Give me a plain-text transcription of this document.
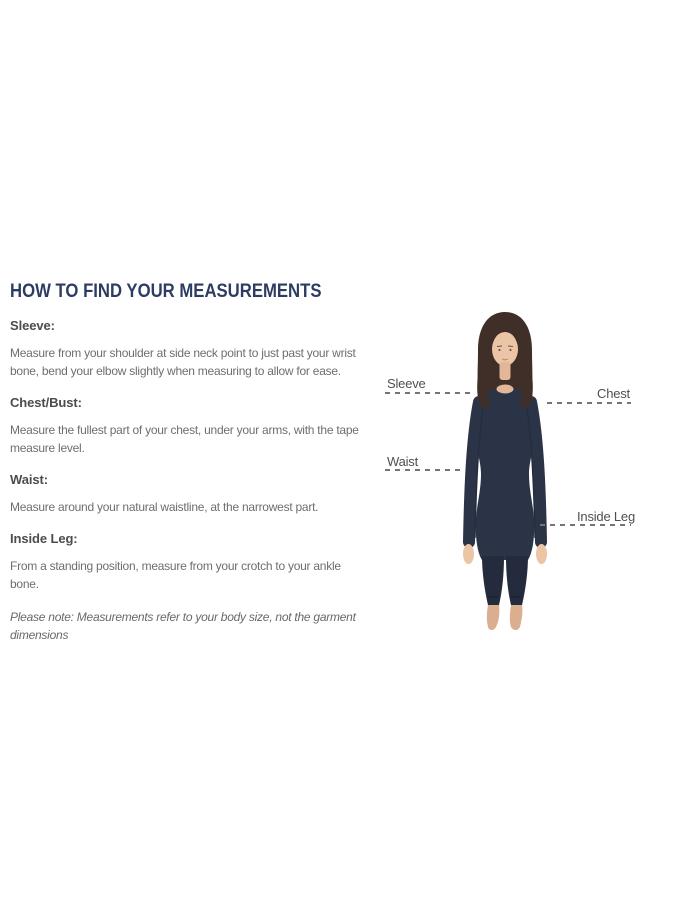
HOW TO FIND YOUR MEASUREMENTS
Sleeve:

Measure from your shoulder at side neck point to just past your wrist bone, bend your elbow slightly when measuring to allow for ease.

Chest/Bust:

Measure the fullest part of your chest, under your arms, with the tape measure level.

Waist:

Measure around your natural waistline, at the narrowest part.

Inside Leg:

From a standing position, measure from your crotch to your ankle bone.

Please note: Measurements refer to your body size, not the garment dimensions

Sleeve
Chest
Waist
Inside Leg
